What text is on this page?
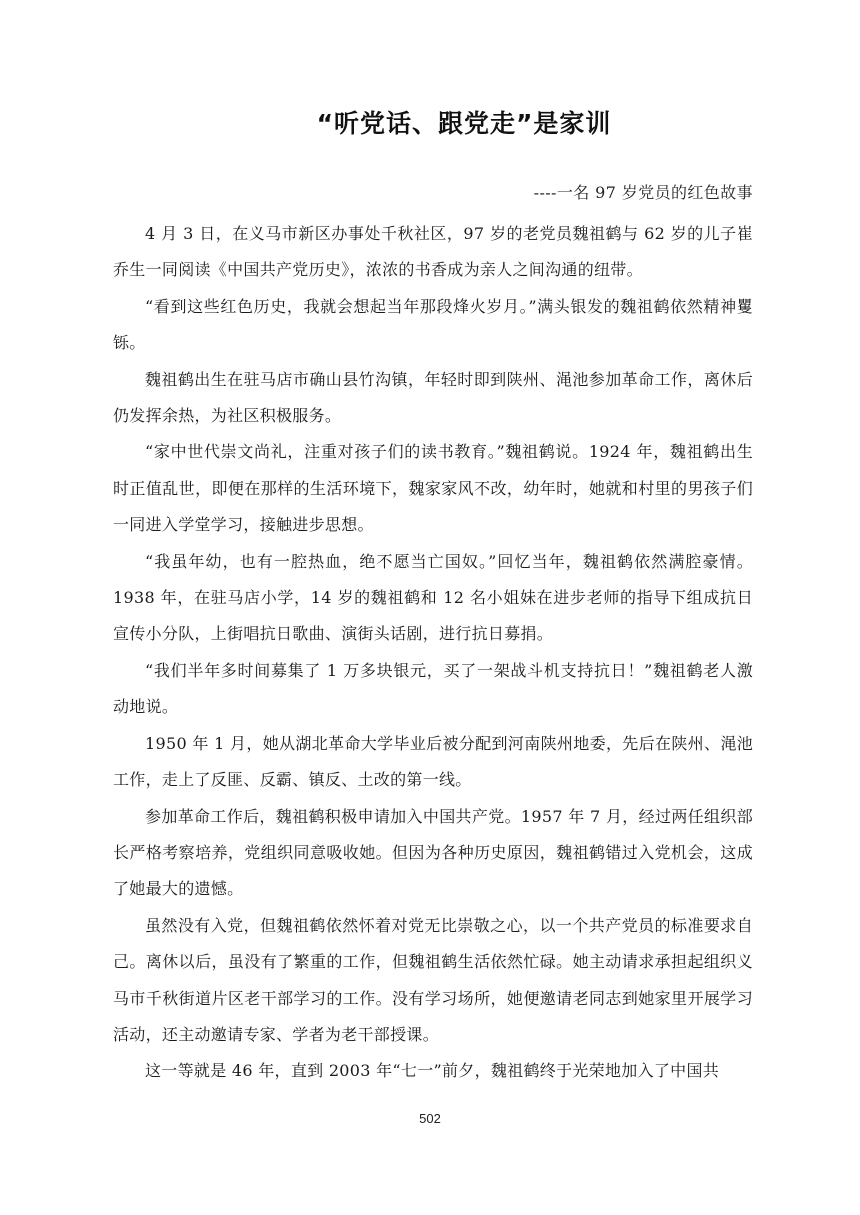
“听党话、跟党走”是家训
----一名 97 岁党员的红色故事

4 月 3 日，在义马市新区办事处千秋社区，97 岁的老党员魏祖鹤与 62 岁的儿子崔乔生一同阅读《中国共产党历史》，浓浓的书香成为亲人之间沟通的纽带。

“看到这些红色历史，我就会想起当年那段烽火岁月。”满头银发的魏祖鹤依然精神矍铄。

魏祖鹤出生在驻马店市确山县竹沟镇，年轻时即到陕州、渑池参加革命工作，离休后仍发挥余热，为社区积极服务。

“家中世代崇文尚礼，注重对孩子们的读书教育。”魏祖鹤说。1924 年，魏祖鹤出生时正值乱世，即便在那样的生活环境下，魏家家风不改，幼年时，她就和村里的男孩子们一同进入学堂学习，接触进步思想。

“我虽年幼，也有一腔热血，绝不愿当亡国奴。”回忆当年，魏祖鹤依然满腔豪情。1938 年，在驻马店小学，14 岁的魏祖鹤和 12 名小姐妹在进步老师的指导下组成抗日宣传小分队，上街唱抗日歌曲、演街头话剧，进行抗日募捐。

“我们半年多时间募集了 1 万多块银元，买了一架战斗机支持抗日！”魏祖鹤老人激动地说。

1950 年 1 月，她从湖北革命大学毕业后被分配到河南陕州地委，先后在陕州、渑池工作，走上了反匪、反霸、镇反、土改的第一线。

参加革命工作后，魏祖鹤积极申请加入中国共产党。1957 年 7 月，经过两任组织部长严格考察培养，党组织同意吸收她。但因为各种历史原因，魏祖鹤错过入党机会，这成了她最大的遗憾。

虽然没有入党，但魏祖鹤依然怀着对党无比崇敬之心，以一个共产党员的标准要求自己。离休以后，虽没有了繁重的工作，但魏祖鹤生活依然忙碌。她主动请求承担起组织义马市千秋街道片区老干部学习的工作。没有学习场所，她便邀请老同志到她家里开展学习活动，还主动邀请专家、学者为老干部授课。

这一等就是 46 年，直到 2003 年“七一”前夕，魏祖鹤终于光荣地加入了中国共

502
